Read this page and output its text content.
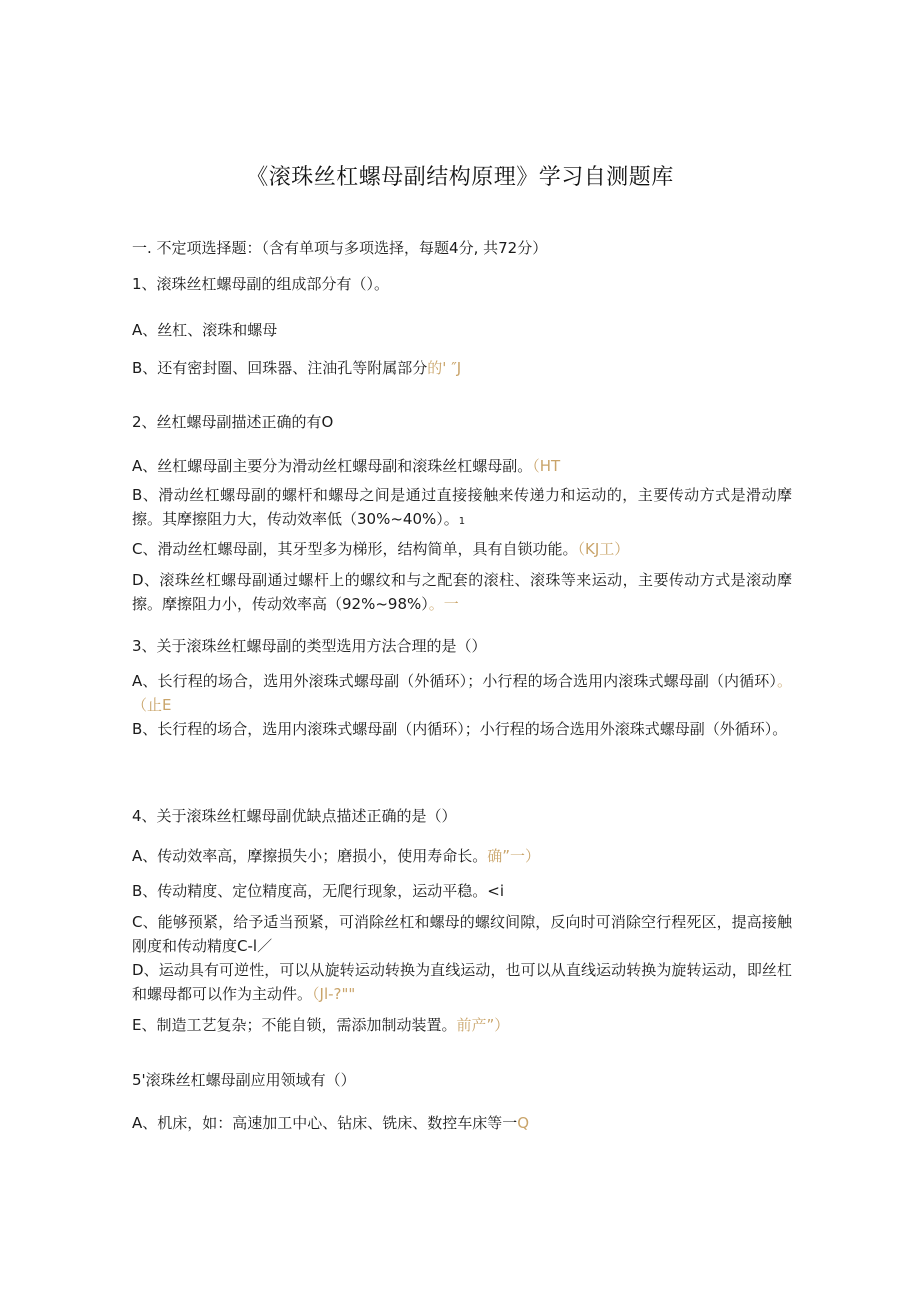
《滚珠丝杠螺母副结构原理》学习自测题库
一. 不定项选择题：（含有单项与多项选择，每题4分, 共72分）
1、滚珠丝杠螺母副的组成部分有（）。
A、丝杠、滚珠和螺母
B、还有密封圈、回珠器、注油孔等附属部分的' ″J
2、丝杠螺母副描述正确的有O
A、丝杠螺母副主要分为滑动丝杠螺母副和滚珠丝杠螺母副。（HT
B、滑动丝杠螺母副的螺杆和螺母之间是通过直接接触来传递力和运动的，主要传动方式是滑动摩擦。其摩擦阻力大，传动效率低（30%~40%）。1
C、滑动丝杠螺母副，其牙型多为梯形，结构简单，具有自锁功能。（KJ工）
D、滚珠丝杠螺母副通过螺杆上的螺纹和与之配套的滚柱、滚珠等来运动，主要传动方式是滚动摩擦。摩擦阻力小，传动效率高（92%~98%）。一
3、关于滚珠丝杠螺母副的类型选用方法合理的是（）
A、长行程的场合，选用外滚珠式螺母副（外循环）；小行程的场合选用内滚珠式螺母副（内循环）。（止E
B、长行程的场合，选用内滚珠式螺母副（内循环）；小行程的场合选用外滚珠式螺母副（外循环）。
4、关于滚珠丝杠螺母副优缺点描述正确的是（）
A、传动效率高，摩擦损失小；磨损小，使用寿命长。确”一）
B、传动精度、定位精度高，无爬行现象，运动平稳。<i
C、能够预紧，给予适当预紧，可消除丝杠和螺母的螺纹间隙，反向时可消除空行程死区，提高接触刚度和传动精度C-l／
D、运动具有可逆性，可以从旋转运动转换为直线运动，也可以从直线运动转换为旋转运动，即丝杠和螺母都可以作为主动件。（Jl-?""
E、制造工艺复杂；不能自锁，需添加制动装置。前产”）
5'滚珠丝杠螺母副应用领域有（）
A、机床，如：高速加工中心、钻床、铣床、数控车床等一Q
